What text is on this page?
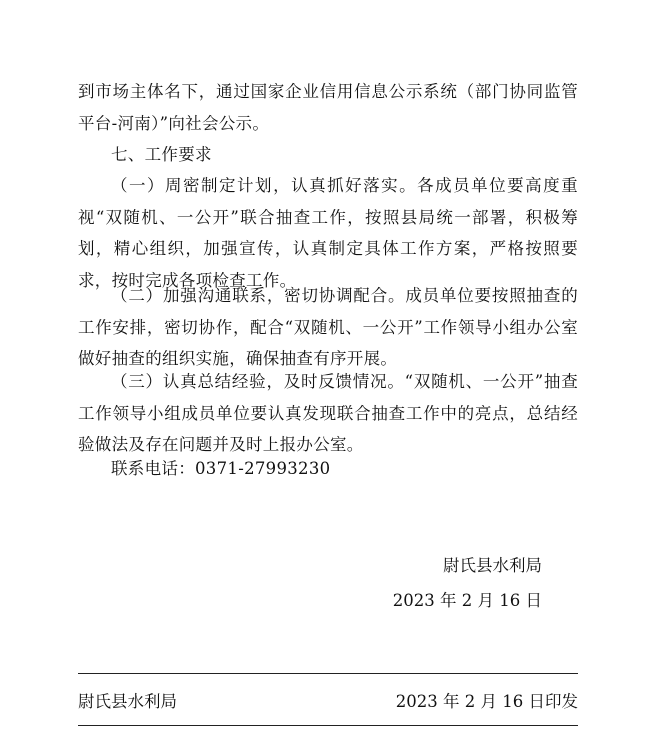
到市场主体名下，通过国家企业信用信息公示系统（部门协同监管平台-河南）”向社会公示。

七、工作要求

（一）周密制定计划，认真抓好落实。各成员单位要高度重视“双随机、一公开”联合抽查工作，按照县局统一部署，积极筹划，精心组织，加强宣传，认真制定具体工作方案，严格按照要求，按时完成各项检查工作。

（二）加强沟通联系，密切协调配合。成员单位要按照抽查的工作安排，密切协作，配合“双随机、一公开”工作领导小组办公室做好抽查的组织实施，确保抽查有序开展。

（三）认真总结经验，及时反馈情况。“双随机、一公开”抽查工作领导小组成员单位要认真发现联合抽查工作中的亮点，总结经验做法及存在问题并及时上报办公室。

联系电话：0371-27993230

尉氏县水利局

2023 年 2 月 16 日

尉氏县水利局	2023 年 2 月 16 日印发
